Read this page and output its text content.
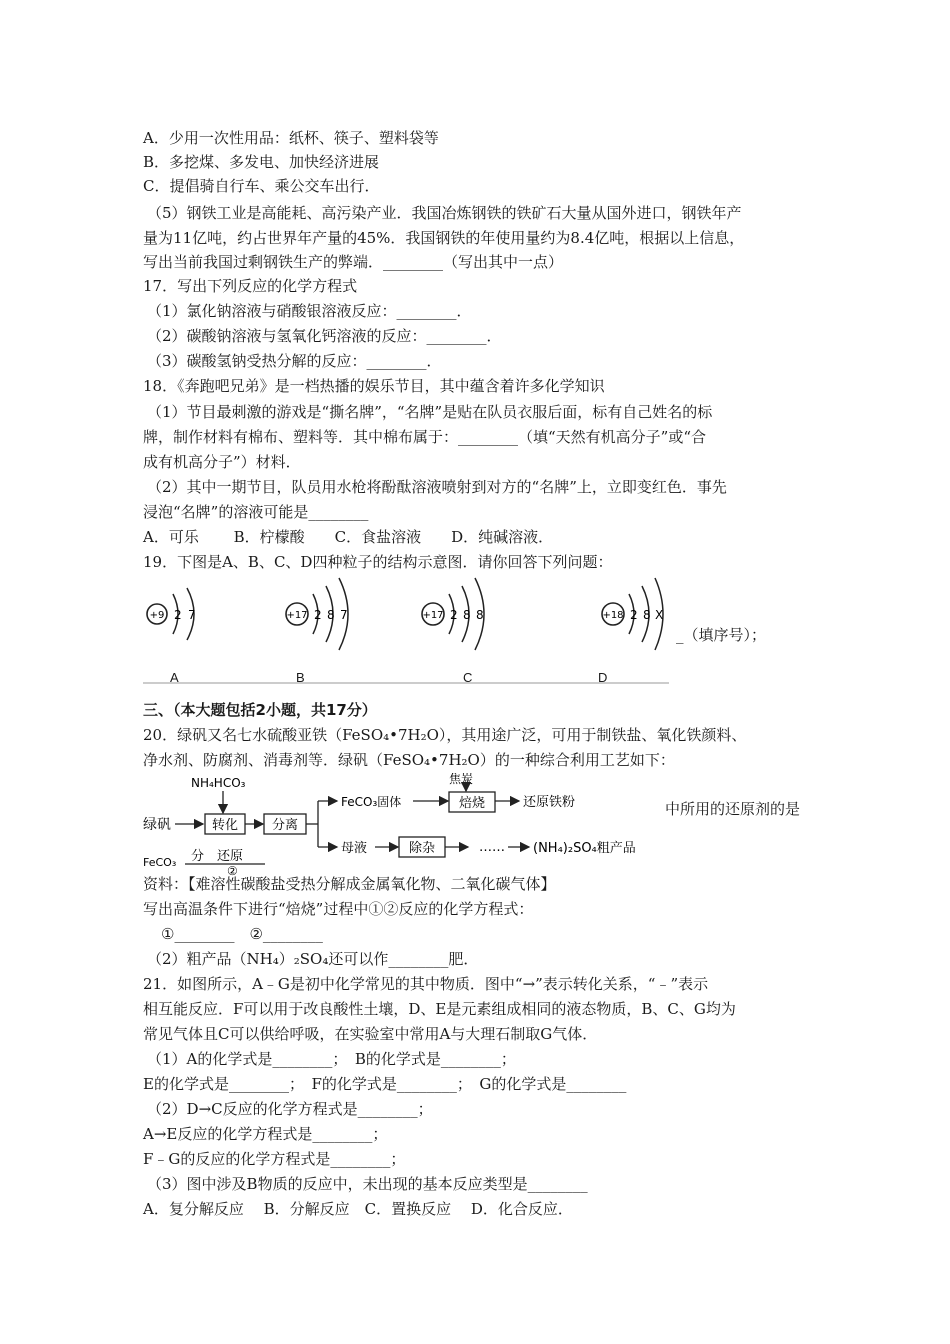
A．少用一次性用品：纸杯、筷子、塑料袋等
B．多挖煤、多发电、加快经济进展
C．提倡骑自行车、乘公交车出行．
（5）钢铁工业是高能耗、高污染产业．我国冶炼钢铁的铁矿石大量从国外进口，钢铁年产
量为11亿吨，约占世界年产量的45%．我国钢铁的年使用量约为8.4亿吨，根据以上信息，
写出当前我国过剩钢铁生产的弊端．________（写出其中一点）
17．写出下列反应的化学方程式
（1）氯化钠溶液与硝酸银溶液反应：________．
（2）碳酸钠溶液与氢氧化钙溶液的反应：________．
（3）碳酸氢钠受热分解的反应：________．
18．《奔跑吧兄弟》是一档热播的娱乐节目，其中蕴含着许多化学知识
（1）节目最刺激的游戏是“撕名牌”，“名牌”是贴在队员衣服后面，标有自己姓名的标
牌，制作材料有棉布、塑料等．其中棉布属于：________（填“天然有机高分子”或“合
成有机高分子”）材料．
（2）其中一期节目，队员用水枪将酚酞溶液喷射到对方的“名牌”上，立即变红色．事先
浸泡“名牌”的溶液可能是________
A．可乐　　 B．柠檬酸　　C．食盐溶液　　D．纯碱溶液．
19．下图是A、B、C、D四种粒子的结构示意图．请你回答下列问题：
+9 2 7	+17 2 8 7	+17 2 8 8	+18 2 8 X
_（填序号）；
A	B	C	D
三、（本大题包括2小题，共17分）
20．绿矾又名七水硫酸亚铁（FeSO₄•7H₂O），其用途广泛，可用于制铁盐、氧化铁颜料、
净水剂、防腐剂、消毒剂等．绿矾（FeSO₄•7H₂O）的一种综合利用工艺如下：
绿矾
NH₄HCO₃
转化	分离
FeCO₃固体
焦炭
焙烧	还原铁粉
母液	除杂	…… (NH₄)₂SO₄粗产品
中所用的还原剂的是
FeCO₃ 分 还原
②
资料：【难溶性碳酸盐受热分解成金属氧化物、二氧化碳气体】
写出高温条件下进行“焙烧”过程中①②反应的化学方程式：
①________　②________
（2）粗产品（NH₄）₂SO₄还可以作________肥．
21．如图所示，A﹣G是初中化学常见的其中物质．图中“→”表示转化关系，“﹣”表示
相互能反应．F可以用于改良酸性土壤，D、E是元素组成相同的液态物质，B、C、G均为
常见气体且C可以供给呼吸，在实验室中常用A与大理石制取G气体．
（1）A的化学式是________；　B的化学式是________；
E的化学式是________；　F的化学式是________；　G的化学式是________
（2）D→C反应的化学方程式是________；
A→E反应的化学方程式是________；
F﹣G的反应的化学方程式是________；
（3）图中涉及B物质的反应中，未出现的基本反应类型是________
A．复分解反应　 B．分解反应　C．置换反应　 D．化合反应．
